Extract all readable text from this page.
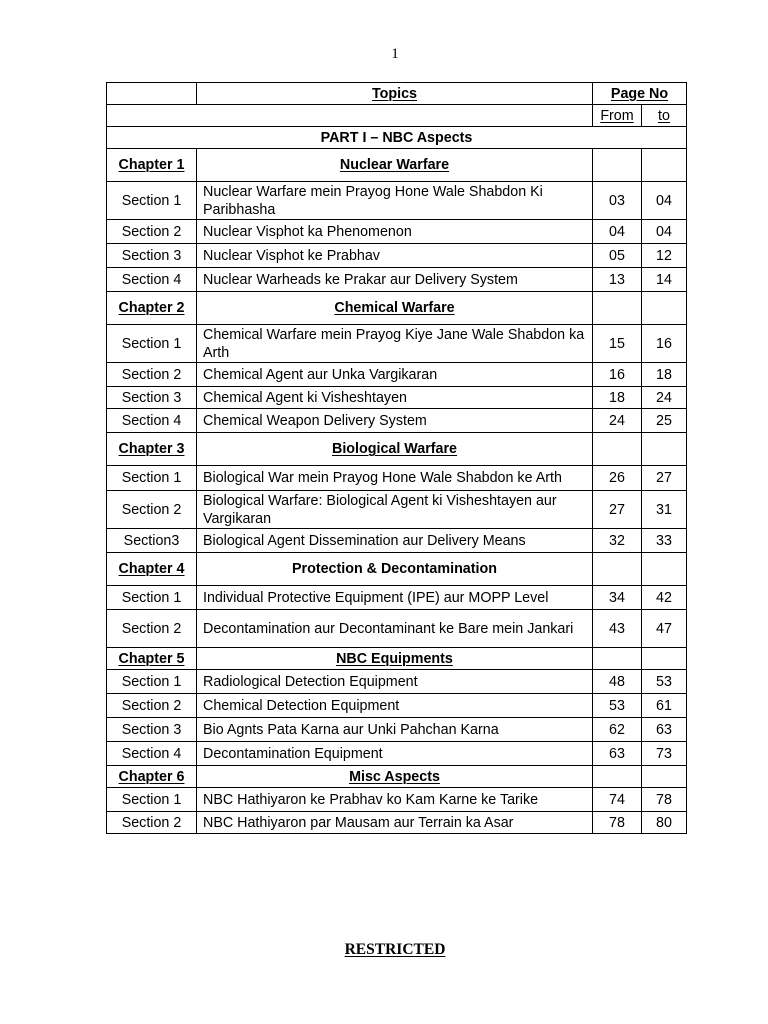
1
	Topics	Page No	
		From	to
PART I – NBC Aspects			
Chapter 1	Nuclear Warfare		
Section 1	Nuclear Warfare mein Prayog Hone Wale Shabdon Ki Paribhasha	03	04
Section 2	Nuclear Visphot ka Phenomenon	04	04
Section 3	Nuclear Visphot ke Prabhav	05	12
Section 4	Nuclear Warheads ke Prakar aur Delivery System	13	14
Chapter 2	Chemical Warfare		
Section 1	Chemical Warfare mein Prayog Kiye Jane Wale Shabdon ka Arth	15	16
Section 2	Chemical Agent aur Unka Vargikaran	16	18
Section 3	Chemical Agent ki Visheshtayen	18	24
Section 4	Chemical Weapon Delivery System	24	25
Chapter 3	Biological Warfare		
Section 1	Biological War mein Prayog Hone Wale Shabdon ke Arth	26	27
Section 2	Biological Warfare: Biological Agent ki Visheshtayen aur Vargikaran	27	31
Section3	Biological Agent Dissemination aur Delivery Means	32	33
Chapter 4	Protection & Decontamination		
Section 1	Individual Protective Equipment (IPE) aur MOPP Level	34	42
Section 2	Decontamination aur Decontaminant ke Bare mein Jankari	43	47
Chapter 5	NBC Equipments		
Section 1	Radiological Detection Equipment	48	53
Section 2	Chemical Detection Equipment	53	61
Section 3	Bio Agnts Pata Karna aur Unki Pahchan Karna	62	63
Section 4	Decontamination Equipment	63	73
Chapter 6	Misc Aspects		
Section 1	NBC Hathiyaron ke Prabhav ko Kam Karne ke Tarike	74	78
Section 2	NBC Hathiyaron par Mausam aur Terrain ka Asar	78	80
RESTRICTED
